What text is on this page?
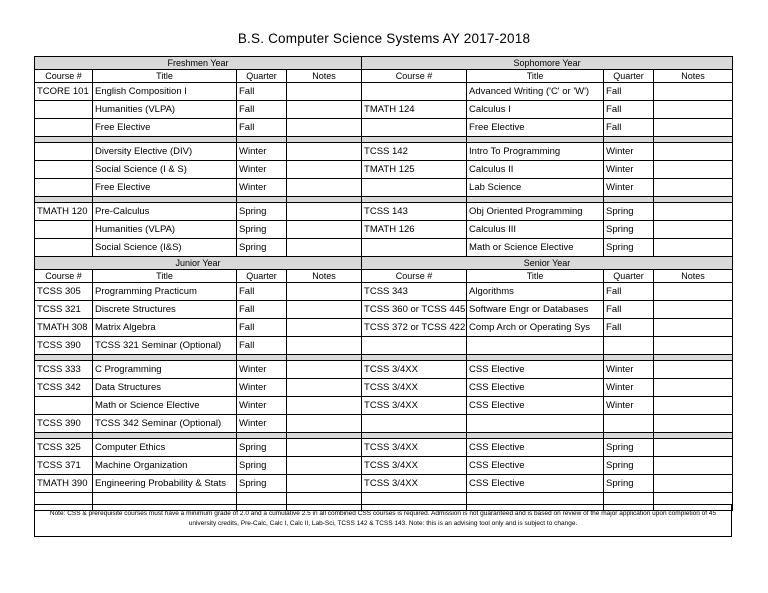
B.S. Computer Science Systems AY 2017-2018
Freshmen Year				Sophomore Year			
Course #	Title	Quarter	Notes	Course #	Title	Quarter	Notes
TCORE 101	English Composition I	Fall			Advanced Writing ('C' or 'W')	Fall	
	Humanities (VLPA)	Fall		TMATH 124	Calculus I	Fall	
	Free Elective	Fall			Free Elective	Fall	

	Diversity Elective (DIV)	Winter		TCSS 142	Intro To Programming	Winter	
	Social Science (I & S)	Winter		TMATH 125	Calculus II	Winter	
	Free Elective	Winter			Lab Science	Winter	

TMATH 120	Pre-Calculus	Spring		TCSS 143	Obj Oriented Programming	Spring	
	Humanities (VLPA)	Spring		TMATH 126	Calculus III	Spring	
	Social Science (I&S)	Spring			Math or Science Elective	Spring	
Junior Year				Senior Year			
Course #	Title	Quarter	Notes	Course #	Title	Quarter	Notes
TCSS 305	Programming Practicum	Fall		TCSS 343	Algorithms	Fall	
TCSS 321	Discrete Structures	Fall		TCSS 360 or TCSS 445	Software Engr or Databases	Fall	
TMATH 308	Matrix Algebra	Fall		TCSS 372 or TCSS 422	Comp Arch or Operating Sys	Fall	
TCSS 390	TCSS 321 Seminar (Optional)	Fall					

TCSS 333	C Programming	Winter		TCSS 3/4XX	CSS Elective	Winter	
TCSS 342	Data Structures	Winter		TCSS 3/4XX	CSS Elective	Winter	
	Math or Science Elective	Winter		TCSS 3/4XX	CSS Elective	Winter	
TCSS 390	TCSS 342 Seminar (Optional)	Winter					

TCSS 325	Computer Ethics	Spring		TCSS 3/4XX	CSS Elective	Spring	
TCSS 371	Machine Organization	Spring		TCSS 3/4XX	CSS Elective	Spring	
TMATH 390	Engineering Probability & Stats	Spring		TCSS 3/4XX	CSS Elective	Spring	

Note: CSS & prerequisite courses must have a minimum grade of 2.0 and a cumulative 2.5 in all combined CSS courses is required. Admission is not guaranteed and is based on review of the major application upon completion of 45 university credits, Pre-Calc, Calc I, Calc II, Lab-Sci, TCSS 142 & TCSS 143. Note: this is an advising tool only and is subject to change.
